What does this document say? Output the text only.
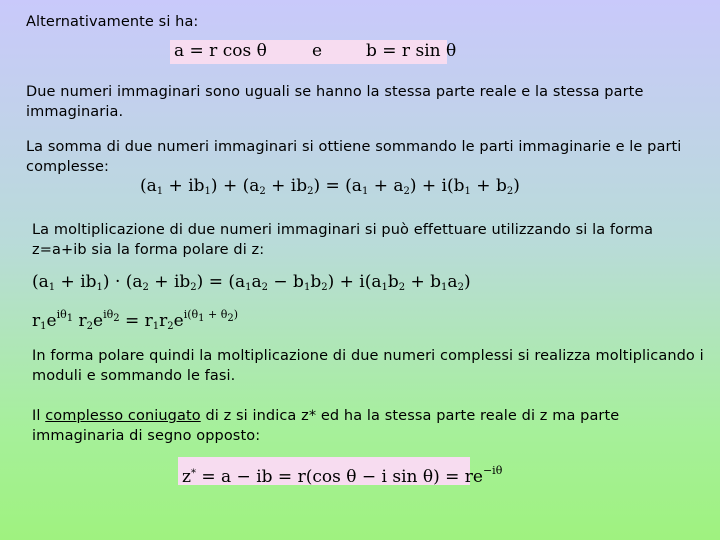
Alternativamente si ha:
a = r cos θ	e	b = r sin θ
Due numeri immaginari sono uguali se hanno la stessa parte reale e la stessa parte immaginaria.
La somma di due numeri immaginari si ottiene sommando le parti immaginarie e le parti complesse:
$(a_1 + ib_1) + (a_2 + ib_2) = (a_1 + a_2) + i(b_1 + b_2)$
La moltiplicazione di due numeri immaginari si può effettuare utilizzando si la forma z=a+ib sia la forma polare di z:
$(a_1 + ib_1) \cdot (a_2 + ib_2) = (a_1a_2 - b_1b_2) + i(a_1b_2 + b_1a_2)$
$r_1e^{i\theta_1}$ $r_2e^{i\theta_2} = r_1r_2e^{i(\theta_1 + \theta_2)}$
In forma polare quindi la moltiplicazione di due numeri complessi si realizza moltiplicando i moduli e sommando le fasi.
Il complesso coniugato di z si indica z* ed ha la stessa parte reale di z ma parte immaginaria di segno opposto:
z* = a − ib = r(cos θ − i $\sin \theta) = re^{-i\theta}$
